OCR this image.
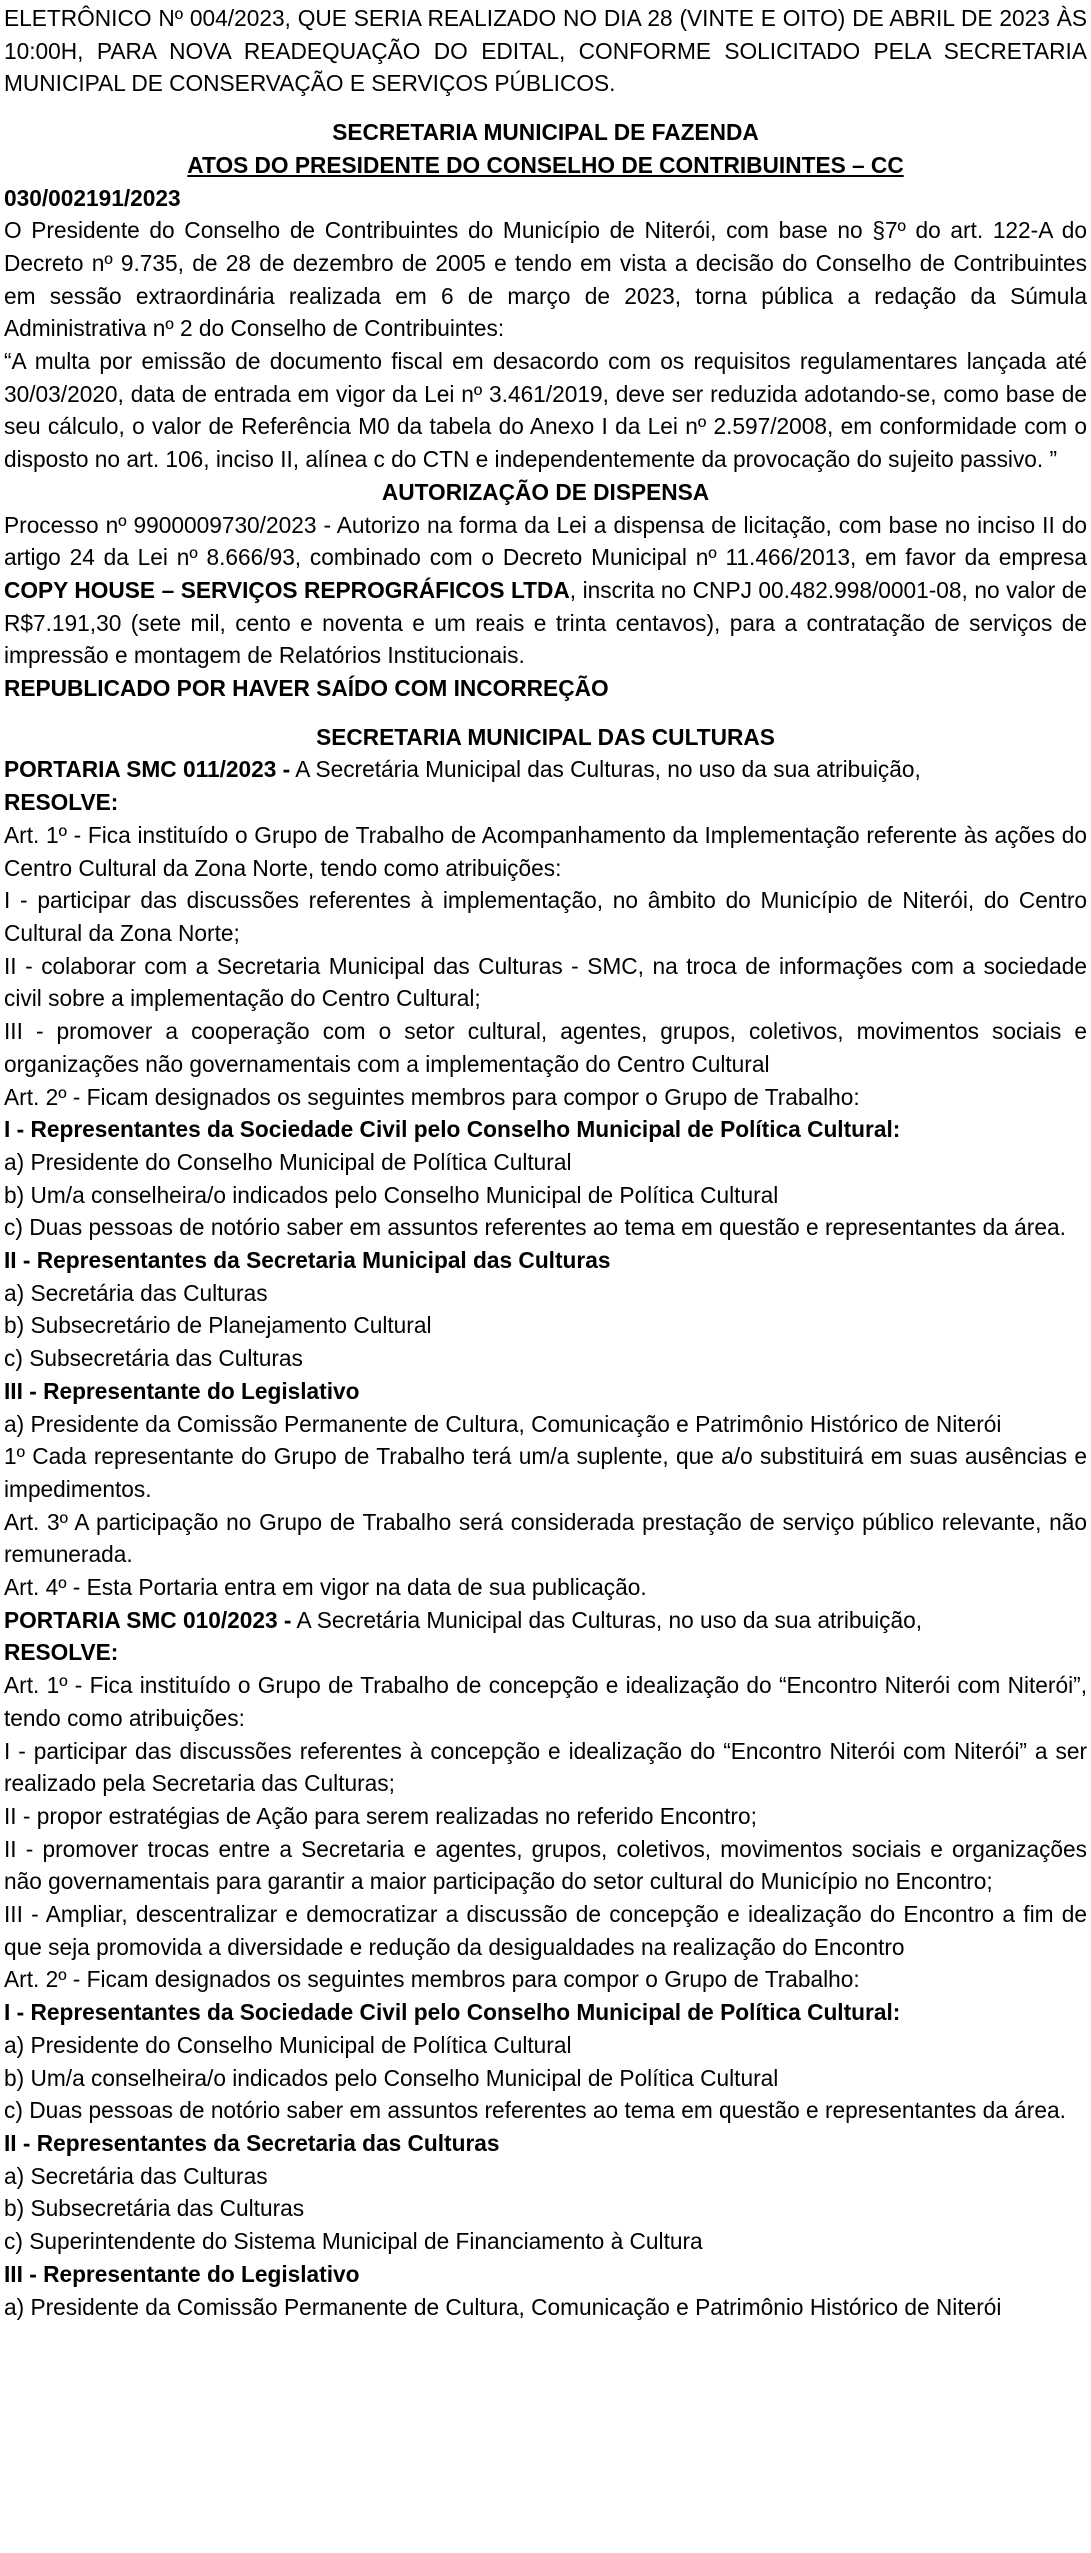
ELETRÔNICO Nº 004/2023, QUE SERIA REALIZADO NO DIA 28 (VINTE E OITO) DE ABRIL DE 2023 ÀS 10:00H, PARA NOVA READEQUAÇÃO DO EDITAL, CONFORME SOLICITADO PELA SECRETARIA MUNICIPAL DE CONSERVAÇÃO E SERVIÇOS PÚBLICOS.

SECRETARIA MUNICIPAL DE FAZENDA

ATOS DO PRESIDENTE DO CONSELHO DE CONTRIBUINTES – CC

030/002191/2023

O Presidente do Conselho de Contribuintes do Município de Niterói, com base no §7º do art. 122-A do Decreto nº 9.735, de 28 de dezembro de 2005 e tendo em vista a decisão do Conselho de Contribuintes em sessão extraordinária realizada em 6 de março de 2023, torna pública a redação da Súmula Administrativa nº 2 do Conselho de Contribuintes:

“A multa por emissão de documento fiscal em desacordo com os requisitos regulamentares lançada até 30/03/2020, data de entrada em vigor da Lei nº 3.461/2019, deve ser reduzida adotando-se, como base de seu cálculo, o valor de Referência M0 da tabela do Anexo I da Lei nº 2.597/2008, em conformidade com o disposto no art. 106, inciso II, alínea c do CTN e independentemente da provocação do sujeito passivo. ”

AUTORIZAÇÃO DE DISPENSA

Processo nº 9900009730/2023 - Autorizo na forma da Lei a dispensa de licitação, com base no inciso II do artigo 24 da Lei nº 8.666/93, combinado com o Decreto Municipal nº 11.466/2013, em favor da empresa COPY HOUSE – SERVIÇOS REPROGRÁFICOS LTDA, inscrita no CNPJ 00.482.998/0001-08, no valor de R$7.191,30 (sete mil, cento e noventa e um reais e trinta centavos), para a contratação de serviços de impressão e montagem de Relatórios Institucionais.

REPUBLICADO POR HAVER SAÍDO COM INCORREÇÃO

SECRETARIA MUNICIPAL DAS CULTURAS

PORTARIA SMC 011/2023 - A Secretária Municipal das Culturas, no uso da sua atribuição,

RESOLVE:

Art. 1º - Fica instituído o Grupo de Trabalho de Acompanhamento da Implementação referente às ações do Centro Cultural da Zona Norte, tendo como atribuições:

I - participar das discussões referentes à implementação, no âmbito do Município de Niterói, do Centro Cultural da Zona Norte;

II - colaborar com a Secretaria Municipal das Culturas - SMC, na troca de informações com a sociedade civil sobre a implementação do Centro Cultural;

III - promover a cooperação com o setor cultural, agentes, grupos, coletivos, movimentos sociais e organizações não governamentais com a implementação do Centro Cultural

Art. 2º - Ficam designados os seguintes membros para compor o Grupo de Trabalho:

I - Representantes da Sociedade Civil pelo Conselho Municipal de Política Cultural:

a) Presidente do Conselho Municipal de Política Cultural

b) Um/a conselheira/o indicados pelo Conselho Municipal de Política Cultural

c) Duas pessoas de notório saber em assuntos referentes ao tema em questão e representantes da área.

II - Representantes da Secretaria Municipal das Culturas

a) Secretária das Culturas

b) Subsecretário de Planejamento Cultural

c) Subsecretária das Culturas

III - Representante do Legislativo

a) Presidente da Comissão Permanente de Cultura, Comunicação e Patrimônio Histórico de Niterói

1º Cada representante do Grupo de Trabalho terá um/a suplente, que a/o substituirá em suas ausências e impedimentos.

Art. 3º A participação no Grupo de Trabalho será considerada prestação de serviço público relevante, não remunerada.

Art. 4º - Esta Portaria entra em vigor na data de sua publicação.

PORTARIA SMC 010/2023 - A Secretária Municipal das Culturas, no uso da sua atribuição,

RESOLVE:

Art. 1º - Fica instituído o Grupo de Trabalho de concepção e idealização do “Encontro Niterói com Niterói”, tendo como atribuições:

I - participar das discussões referentes à concepção e idealização do “Encontro Niterói com Niterói” a ser realizado pela Secretaria das Culturas;

II - propor estratégias de Ação para serem realizadas no referido Encontro;

II - promover trocas entre a Secretaria e agentes, grupos, coletivos, movimentos sociais e organizações não governamentais para garantir a maior participação do setor cultural do Município no Encontro;

III - Ampliar, descentralizar e democratizar a discussão de concepção e idealização do Encontro a fim de que seja promovida a diversidade e redução da desigualdades na realização do Encontro

Art. 2º - Ficam designados os seguintes membros para compor o Grupo de Trabalho:

I - Representantes da Sociedade Civil pelo Conselho Municipal de Política Cultural:

a) Presidente do Conselho Municipal de Política Cultural

b) Um/a conselheira/o indicados pelo Conselho Municipal de Política Cultural

c) Duas pessoas de notório saber em assuntos referentes ao tema em questão e representantes da área.

II - Representantes da Secretaria das Culturas

a) Secretária das Culturas

b) Subsecretária das Culturas

c) Superintendente do Sistema Municipal de Financiamento à Cultura

III - Representante do Legislativo

a) Presidente da Comissão Permanente de Cultura, Comunicação e Patrimônio Histórico de Niterói
